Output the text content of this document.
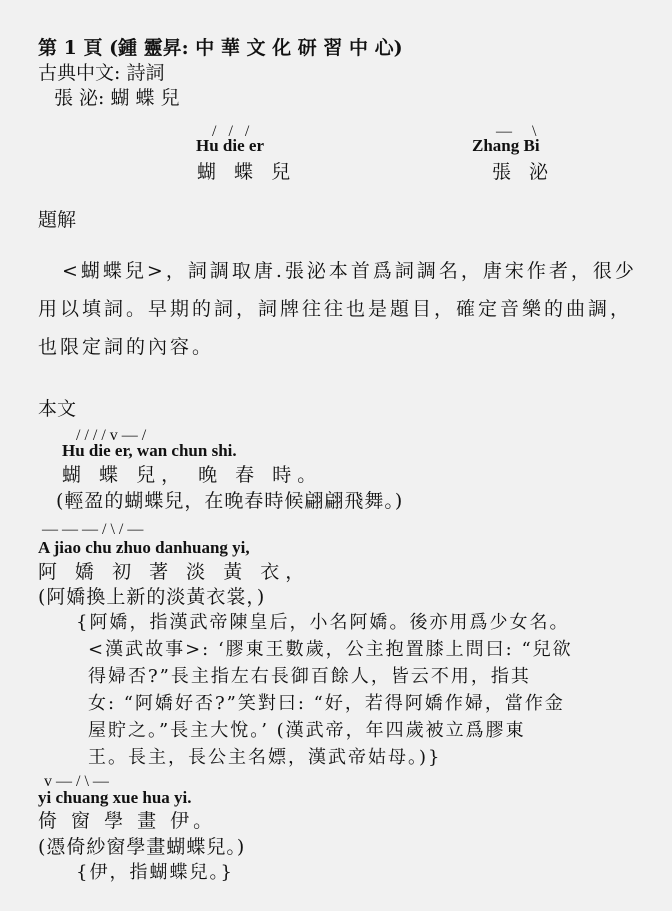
第 1 頁 (鍾 靈昇: 中 華 文 化 研 習 中 心)
古典中文: 詩詞
張 泌: 蝴 蝶 兒
/ / /
Hu die er
蝴 蝶 兒
— \
Zhang Bi
張 泌
題解
<蝴蝶兒>，詞調取唐.張泌本首爲詞調名，唐宋作者，很少用以填詞。早期的詞，詞牌往往也是題目，確定音樂的曲調，也限定詞的內容。
本文
/ / / / v — /
Hu die er, wan chun shi.
蝴 蝶 兒， 晚 春 時。
(輕盈的蝴蝶兒，在晚春時候翩翩飛舞。)
— — — / \ / —
A jiao chu zhuo danhuang yi,
阿 嬌 初 著 淡 黃 衣，
(阿嬌換上新的淡黃衣裳，)
{阿嬌，指漢武帝陳皇后，小名阿嬌。後亦用爲少女名。
<漢武故事>: ‘膠東王數歲，公主抱置膝上問曰: “兒欲
得婦否?”長主指左右長御百餘人，皆云不用，指其
女: “阿嬌好否?”笑對曰: “好，若得阿嬌作婦，當作金
屋貯之。”長主大悅。’ (漢武帝，年四歲被立爲膠東
王。長主，長公主名嫖，漢武帝姑母。)}
v — / \ —
yi chuang xue hua yi.
倚 窗 學 畫 伊。
(憑倚紗窗學畫蝴蝶兒。)
{伊，指蝴蝶兒。}
